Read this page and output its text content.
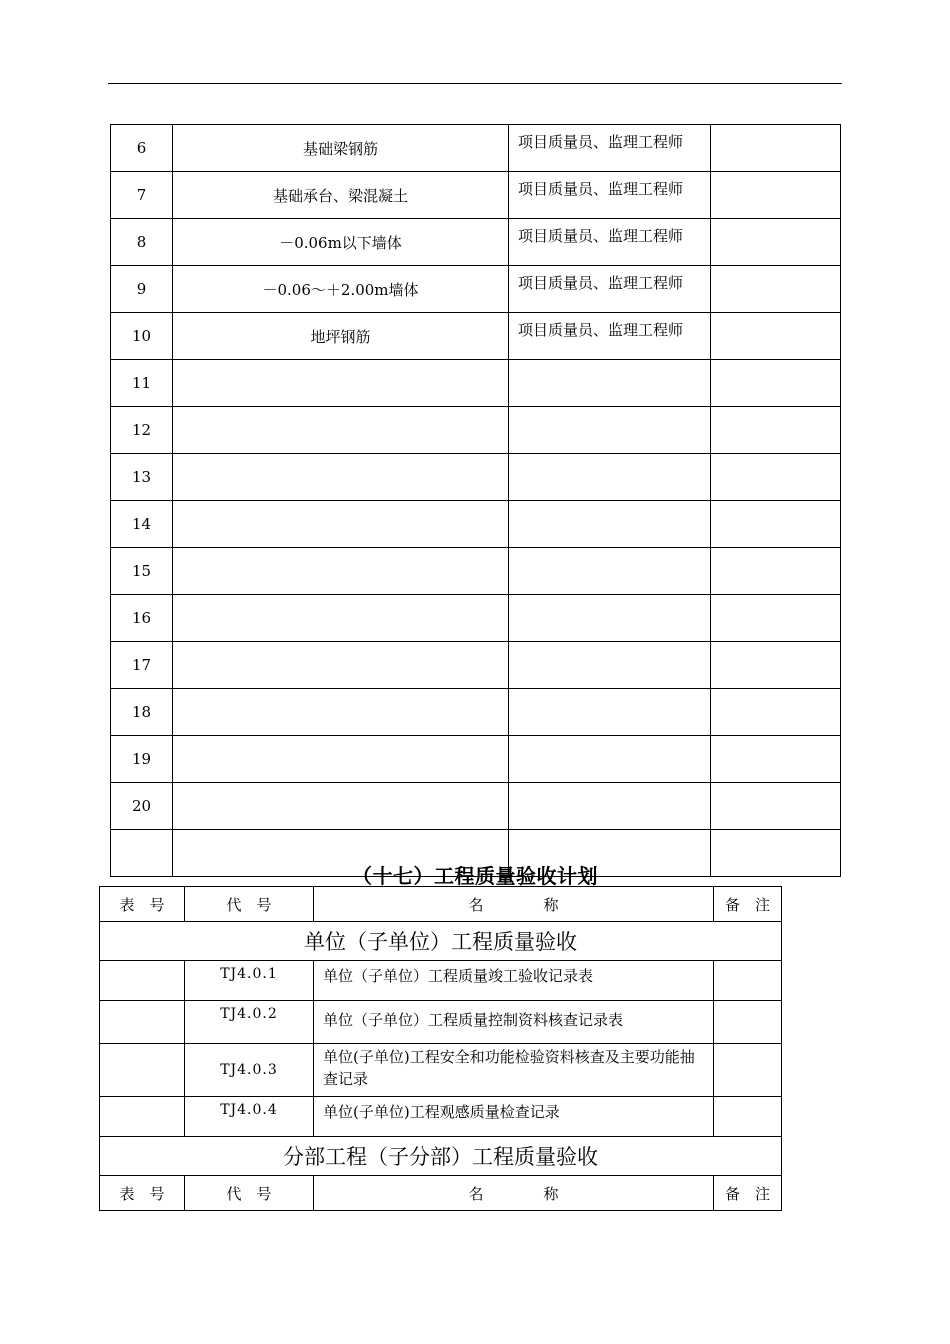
6	基础梁钢筋	项目质量员、监理工程师	
7	基础承台、梁混凝土	项目质量员、监理工程师	
8	－0.06m以下墙体	项目质量员、监理工程师	
9	－0.06～＋2.00m墙体	项目质量员、监理工程师	
10	地坪钢筋	项目质量员、监理工程师	
11			
12			
13			
14			
15			
16			
17			
18			
19			
20			

（十七）工程质量验收计划
表　号	代　号	名　　　　称	备　注
单位（子单位）工程质量验收			
	TJ4.0.1	单位（子单位）工程质量竣工验收记录表	
	TJ4.0.2	单位（子单位）工程质量控制资料核查记录表	
	TJ4.0.3	单位(子单位)工程安全和功能检验资料核查及主要功能抽查记录	
	TJ4.0.4	单位(子单位)工程观感质量检查记录	
分部工程（子分部）工程质量验收			
表　号	代　号	名　　　　称	备　注
